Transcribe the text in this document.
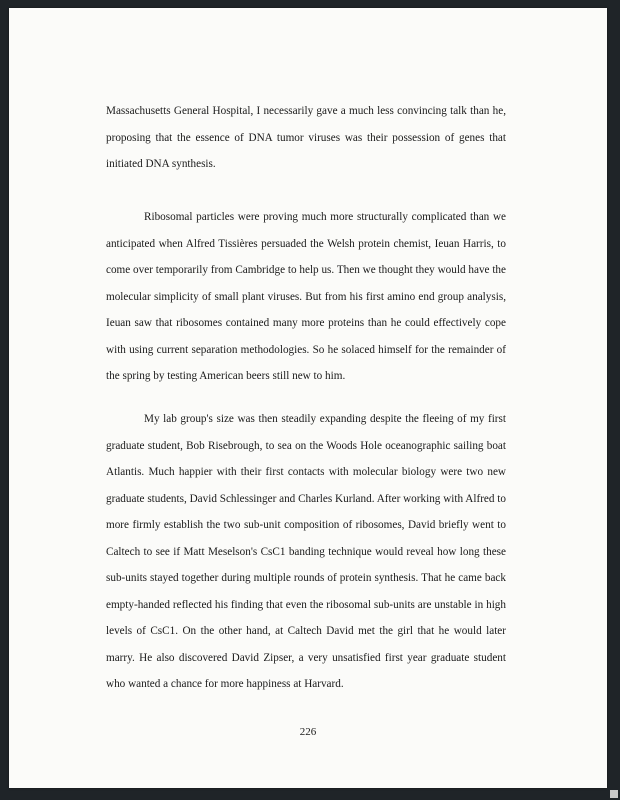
Massachusetts General Hospital, I necessarily gave a much less convincing talk than he, proposing that the essence of DNA tumor viruses was their possession of genes that initiated DNA synthesis.

Ribosomal particles were proving much more structurally complicated than we anticipated when Alfred Tissières persuaded the Welsh protein chemist, Ieuan Harris, to come over temporarily from Cambridge to help us. Then we thought they would have the molecular simplicity of small plant viruses. But from his first amino end group analysis, Ieuan saw that ribosomes contained many more proteins than he could effectively cope with using current separation methodologies. So he solaced himself for the remainder of the spring by testing American beers still new to him.

My lab group's size was then steadily expanding despite the fleeing of my first graduate student, Bob Risebrough, to sea on the Woods Hole oceanographic sailing boat Atlantis. Much happier with their first contacts with molecular biology were two new graduate students, David Schlessinger and Charles Kurland. After working with Alfred to more firmly establish the two sub-unit composition of ribosomes, David briefly went to Caltech to see if Matt Meselson's CsC1 banding technique would reveal how long these sub-units stayed together during multiple rounds of protein synthesis. That he came back empty-handed reflected his finding that even the ribosomal sub-units are unstable in high levels of CsC1. On the other hand, at Caltech David met the girl that he would later marry. He also discovered David Zipser, a very unsatisfied first year graduate student who wanted a chance for more happiness at Harvard.

226
